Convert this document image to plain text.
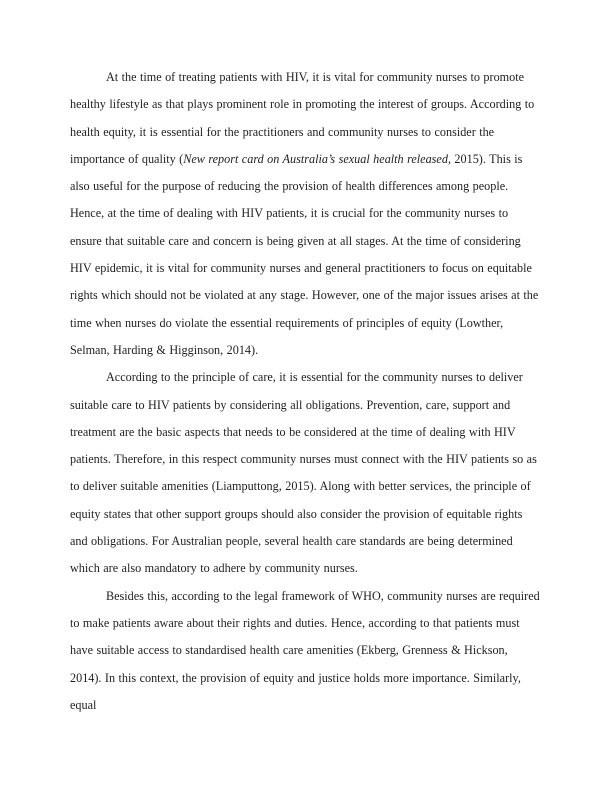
At the time of treating patients with HIV, it is vital for community nurses to promote healthy lifestyle as that plays prominent role in promoting the interest of groups. According to health equity, it is essential for the practitioners and community nurses to consider the importance of quality (New report card on Australia’s sexual health released, 2015). This is also useful for the purpose of reducing the provision of health differences among people. Hence, at the time of dealing with HIV patients, it is crucial for the community nurses to ensure that suitable care and concern is being given at all stages. At the time of considering HIV epidemic, it is vital for community nurses and general practitioners to focus on equitable rights which should not be violated at any stage. However, one of the major issues arises at the time when nurses do violate the essential requirements of principles of equity (Lowther, Selman, Harding & Higginson, 2014).

According to the principle of care, it is essential for the community nurses to deliver suitable care to HIV patients by considering all obligations. Prevention, care, support and treatment are the basic aspects that needs to be considered at the time of dealing with HIV patients. Therefore, in this respect community nurses must connect with the HIV patients so as to deliver suitable amenities (Liamputtong, 2015). Along with better services, the principle of equity states that other support groups should also consider the provision of equitable rights and obligations. For Australian people, several health care standards are being determined which are also mandatory to adhere by community nurses.

Besides this, according to the legal framework of WHO, community nurses are required to make patients aware about their rights and duties. Hence, according to that patients must have suitable access to standardised health care amenities (Ekberg, Grenness & Hickson, 2014). In this context, the provision of equity and justice holds more importance. Similarly, equal
